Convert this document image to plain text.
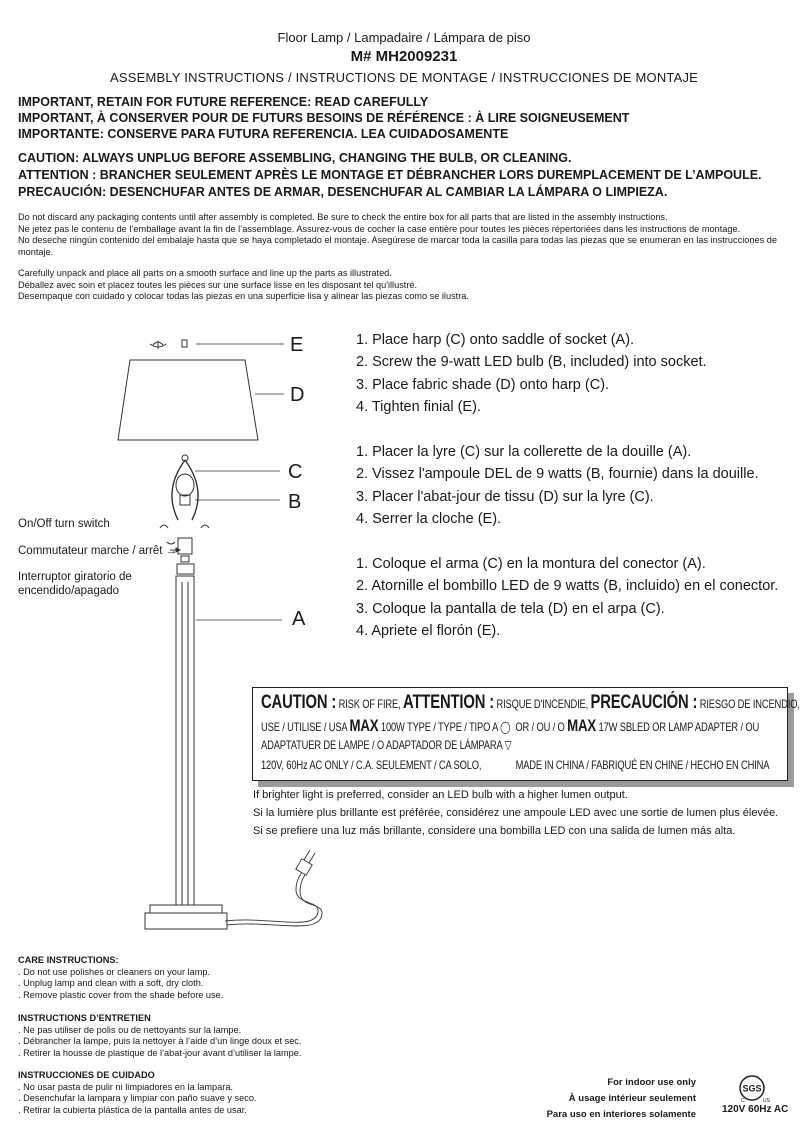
Floor Lamp / Lampadaire / Lámpara de piso
M# MH2009231
ASSEMBLY INSTRUCTIONS / INSTRUCTIONS DE MONTAGE / INSTRUCCIONES DE MONTAJE
IMPORTANT, RETAIN FOR FUTURE REFERENCE: READ CAREFULLY
IMPORTANT, À CONSERVER POUR DE FUTURS BESOINS DE RÉFÉRENCE : À LIRE SOIGNEUSEMENT
IMPORTANTE: CONSERVE PARA FUTURA REFERENCIA. LEA CUIDADOSAMENTE
CAUTION: ALWAYS UNPLUG BEFORE ASSEMBLING, CHANGING THE BULB, OR CLEANING.
ATTENTION : BRANCHER SEULEMENT APRÈS LE MONTAGE ET DÉBRANCHER LORS DUREMPLACEMENT DE L’AMPOULE.
PRECAUCIÓN: DESENCHUFAR ANTES DE ARMAR, DESENCHUFAR AL CAMBIAR LA LÁMPARA O LIMPIEZA.
Do not discard any packaging contents until after assembly is completed. Be sure to check the entire box for all parts that are listed in the assembly instructions.
Ne jetez pas le contenu de l’emballage avant la fin de l’assemblage. Assurez-vous de cocher la case entière pour toutes les pièces répertoriées dans les instructions de montage.
No deseche ningún contenido del embalaje hasta que se haya completado el montaje. Asegúrese de marcar toda la casilla para todas las piezas que se enumeran en las instrucciones de montaje.
Carefully unpack and place all parts on a smooth surface and line up the parts as illustrated.
Déballez avec soin et placez toutes les pièces sur une surface lisse en les disposant tel qu'illustré.
Desempaque con cuidado y colocar todas las piezas en una superficie lisa y alinear las piezas como se ilustra.
E
D
C
B
A
On/Off turn switch
Commutateur marche / arrêt →
Interruptor giratorio de
encendido/apagado
1. Place harp (C) onto saddle of socket (A).
2. Screw the 9-watt LED bulb (B, included) into socket.
3. Place fabric shade (D) onto harp (C).
4. Tighten finial (E).
1. Placer la lyre (C) sur la collerette de la douille (A).
2. Vissez l'ampoule DEL de 9 watts (B, fournie) dans la douille.
3. Placer l'abat-jour de tissu (D) sur la lyre (C).
4. Serrer la cloche (E).
1. Coloque el arma (C) en la montura del conector (A).
2. Atornille el bombillo LED de 9 watts (B, incluido) en el conector.
3. Coloque la pantalla de tela (D) en el arpa (C).
4. Apriete el florón (E).
CAUTION : RISK OF FIRE, ATTENTION : RISQUE D'INCENDIE, PRECAUCIÓN : RIESGO DE INCENDIO,
USE / UTILISE / USA MAX 100W TYPE / TYPE / TIPO A ◯ OR / OU / O MAX 17W SBLED OR LAMP ADAPTER / OU
ADAPTATUER DE LAMPE / O ADAPTADOR DE LÁMPARA ▽
120V, 60Hz AC ONLY / C.A. SEULEMENT / CA SOLO,	MADE IN CHINA / FABRIQUÉ EN CHINE / HECHO EN CHINA
If brighter light is preferred, consider an LED bulb with a higher lumen output.
Si la lumière plus brillante est préférée, considérez une ampoule LED avec une sortie de lumen plus élevée.
Si se prefiere una luz más brillante, considere una bombilla LED con una salida de lumen más alta.
CARE INSTRUCTIONS:
. Do not use polishes or cleaners on your lamp.
. Unplug lamp and clean with a soft, dry cloth.
. Remove plastic cover from the shade before use.
INSTRUCTIONS D’ENTRETIEN
. Ne pas utiliser de polis ou de nettoyants sur la lampe.
. Débrancher la lampe, puis la nettoyer à l’aide d’un linge doux et sec.
. Retirer la housse de plastique de l’abat-jour avant d’utiliser la lampe.
INSTRUCCIONES DE CUIDADO
. No usar pasta de pulir ni limpiadores en la lampara.
. Desenchufar la lampara y limpiar con paño suave y seco.
. Retirar la cubierta plástica de la pantalla antes de usar.
For indoor use only
À usage intérieur seulement
Para uso en interiores solamente
SGS
C	US
120V 60Hz AC
